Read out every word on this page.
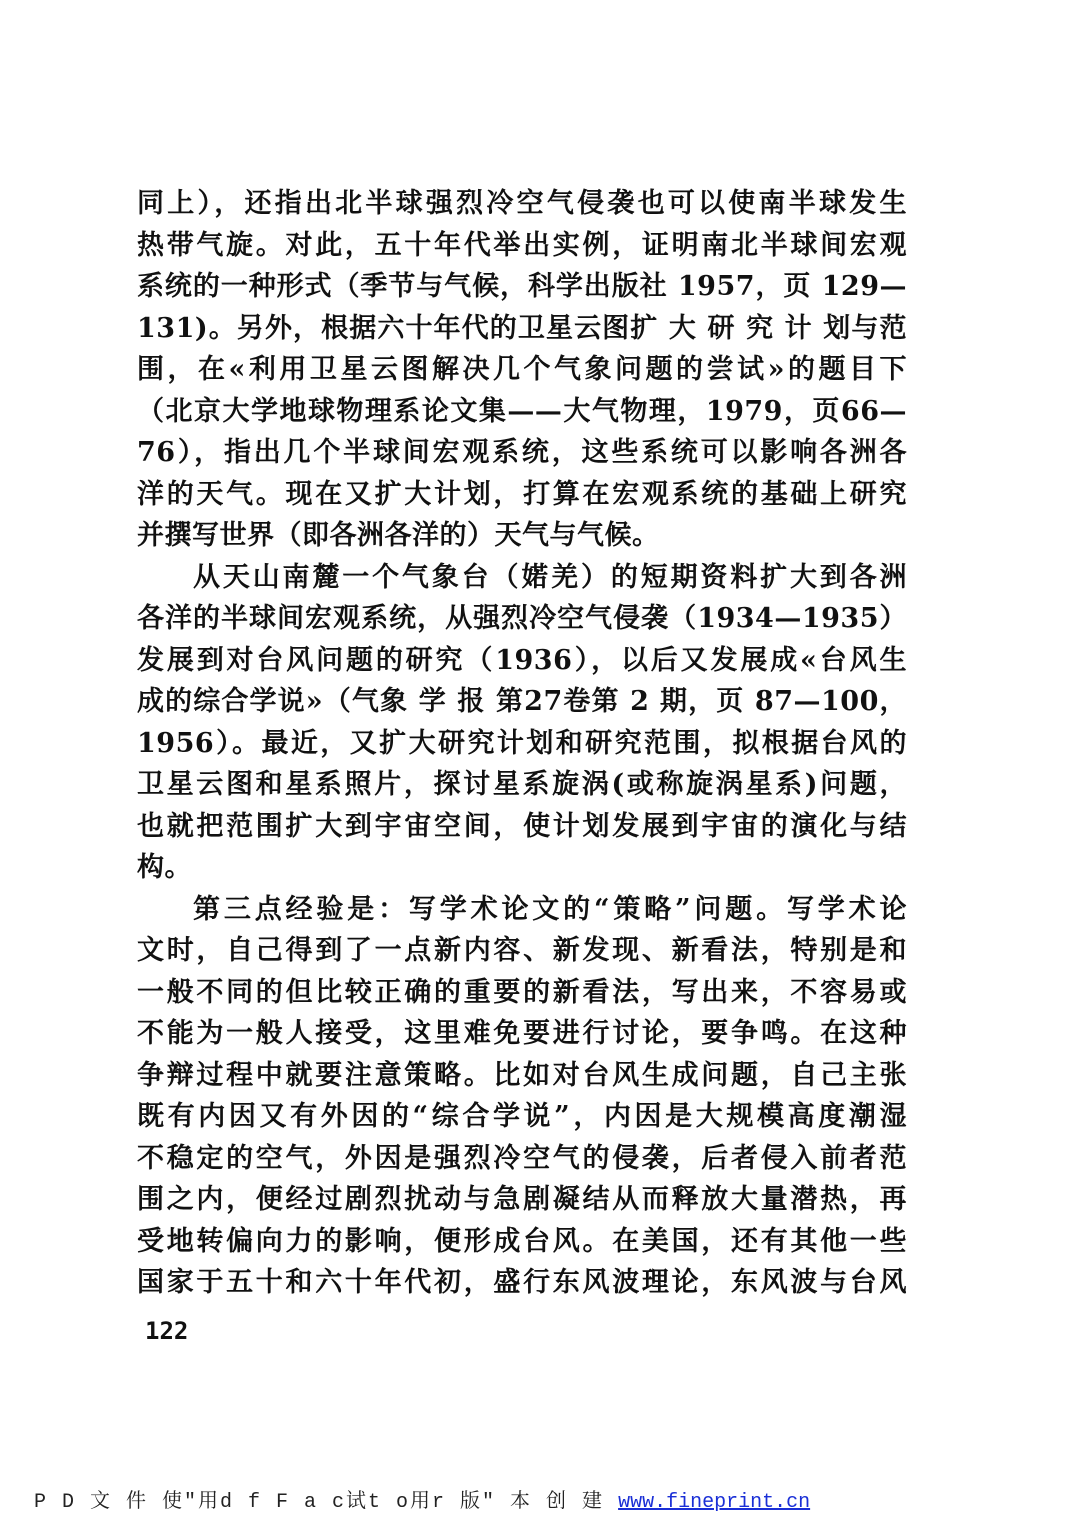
同上），还指出北半球强烈冷空气侵袭也可以使南半球发生
热带气旋。对此，五十年代举出实例，证明南北半球间宏观
系统的一种形式（季节与气候，科学出版社 1957，页 129—
131)。另外，根据六十年代的卫星云图扩 大 研 究 计 划与范
围，在«利用卫星云图解决几个气象问题的尝试»的题目下
（北京大学地球物理系论文集——大气物理，1979，页66—
76），指出几个半球间宏观系统，这些系统可以影响各洲各
洋的天气。现在又扩大计划，打算在宏观系统的基础上研究
并撰写世界（即各洲各洋的）天气与气候。
从天山南麓一个气象台（婼羌）的短期资料扩大到各洲
各洋的半球间宏观系统，从强烈冷空气侵袭（1934—1935）
发展到对台风问题的研究（1936），以后又发展成«台风生
成的综合学说»（气象 学 报 第27卷第 2 期，页 87—100，
1956）。最近，又扩大研究计划和研究范围，拟根据台风的
卫星云图和星系照片，探讨星系旋涡(或称旋涡星系)问题，
也就把范围扩大到宇宙空间，使计划发展到宇宙的演化与结
构。
第三点经验是：写学术论文的“策略”问题。写学术论
文时，自己得到了一点新内容、新发现、新看法，特别是和
一般不同的但比较正确的重要的新看法，写出来，不容易或
不能为一般人接受，这里难免要进行讨论，要争鸣。在这种
争辩过程中就要注意策略。比如对台风生成问题，自己主张
既有内因又有外因的“综合学说”，内因是大规模高度潮湿
不稳定的空气，外因是强烈冷空气的侵袭，后者侵入前者范
围之内，便经过剧烈扰动与急剧凝结从而释放大量潜热，再
受地转偏向力的影响，便形成台风。在美国，还有其他一些
国家于五十和六十年代初，盛行东风波理论，东风波与台风
122
P D 文 件 使"用d f F a c试t o用r 版" 本 创 建 www.fineprint.cn
